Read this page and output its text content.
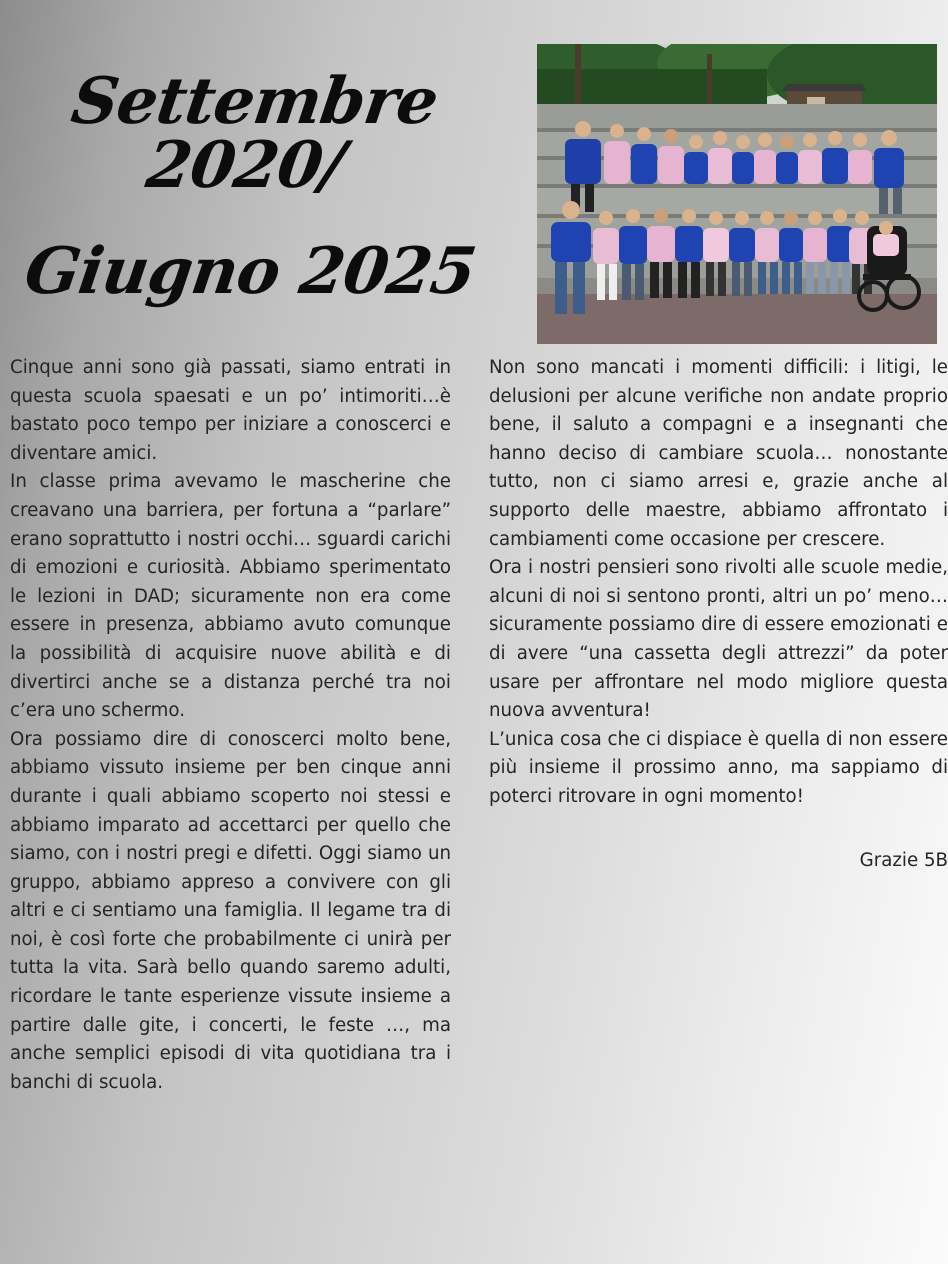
Settembre 2020/
Giugno 2025

Cinque anni sono già passati, siamo entrati in questa scuola spaesati e un po’ intimoriti…è bastato poco tempo per iniziare a conoscerci e diventare amici.

In classe prima avevamo le mascherine che creavano una barriera, per fortuna a “parlare” erano soprattutto i nostri occhi… sguardi carichi di emozioni e curiosità. Abbiamo sperimentato le lezioni in DAD; sicuramente non era come essere in presenza, abbiamo avuto comunque la possibilità di acquisire nuove abilità e di divertirci anche se a distanza perché tra noi c’era uno schermo.

Ora possiamo dire di conoscerci molto bene, abbiamo vissuto insieme per ben cinque anni durante i quali abbiamo scoperto noi stessi e abbiamo imparato ad accettarci per quello che siamo, con i nostri pregi e difetti. Oggi siamo un gruppo, abbiamo appreso a convivere con gli altri e ci sentiamo una famiglia. Il legame tra di noi, è così forte che probabilmente ci unirà per tutta la vita. Sarà bello quando saremo adulti, ricordare le tante esperienze vissute insieme a partire dalle gite, i concerti, le feste …, ma anche semplici episodi di vita quotidiana tra i banchi di scuola.

Non sono mancati i momenti difficili: i litigi, le delusioni per alcune verifiche non andate proprio bene, il saluto a compagni e a insegnanti che hanno deciso di cambiare scuola… nonostante tutto, non ci siamo arresi e, grazie anche al supporto delle maestre, abbiamo affrontato i cambiamenti come occasione per crescere.

Ora i nostri pensieri sono rivolti alle scuole medie, alcuni di noi si sentono pronti, altri un po’ meno…sicuramente possiamo dire di essere emozionati e di avere “una cassetta degli attrezzi” da poter usare per affrontare nel modo migliore questa nuova avventura!

L’unica cosa che ci dispiace è quella di non essere più insieme il prossimo anno, ma sappiamo di poterci ritrovare in ogni momento!

Grazie 5B
